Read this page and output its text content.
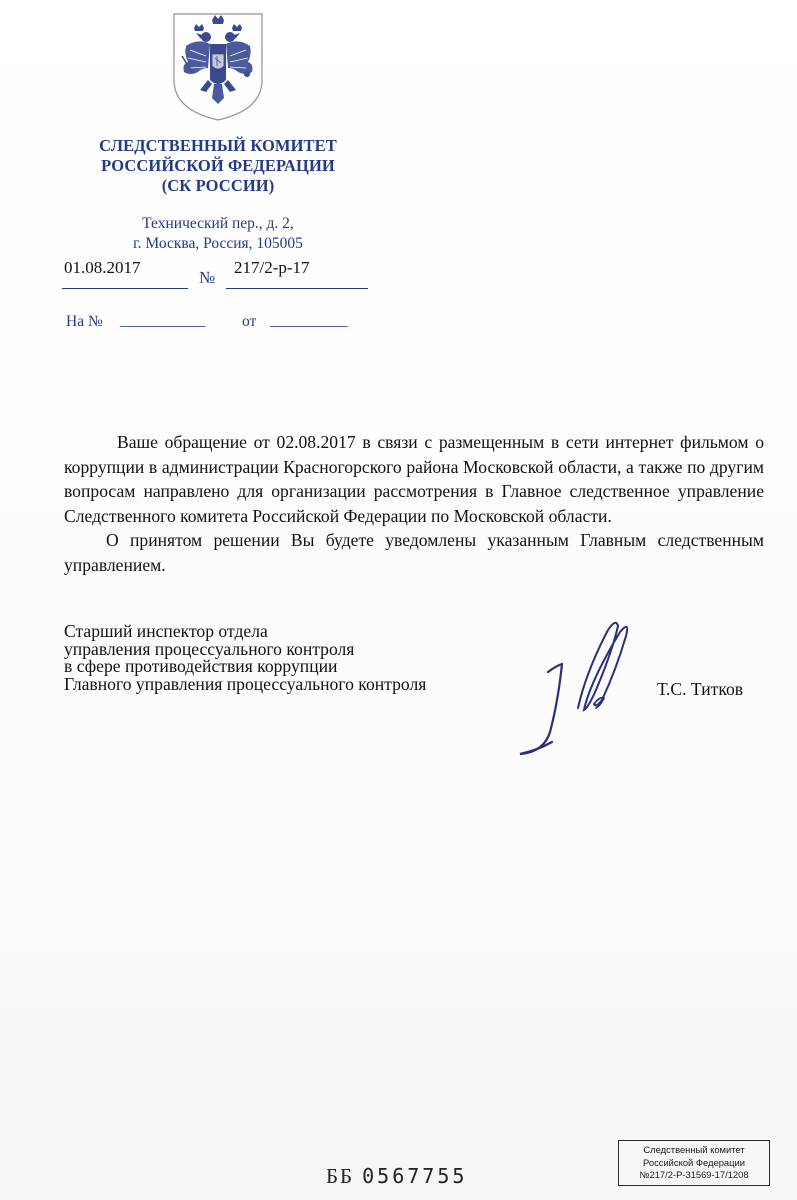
СЛЕДСТВЕННЫЙ КОМИТЕТ
РОССИЙСКОЙ ФЕДЕРАЦИИ
(СК РОССИИ)
Технический пер., д. 2,
г. Москва, Россия, 105005
01.08.2017
№
217/2-р-17
На № ___________ от __________

Ваше обращение от 02.08.2017 в связи с размещенным в сети интернет фильмом о коррупции в администрации Красногорского района Московской области, а также по другим вопросам направлено для организации рассмотрения в Главное следственное управление Следственного комитета Российской Федерации по Московской области.

О принятом решении Вы будете уведомлены указанным Главным следственным управлением.

Старший инспектор отдела
управления процессуального контроля
в сфере противодействия коррупции
Главного управления процессуального контроля	Т.С. Титков
ББ 0567755
Следственный комитет
Российской Федерации
№217/2-Р-31569-17/1208
